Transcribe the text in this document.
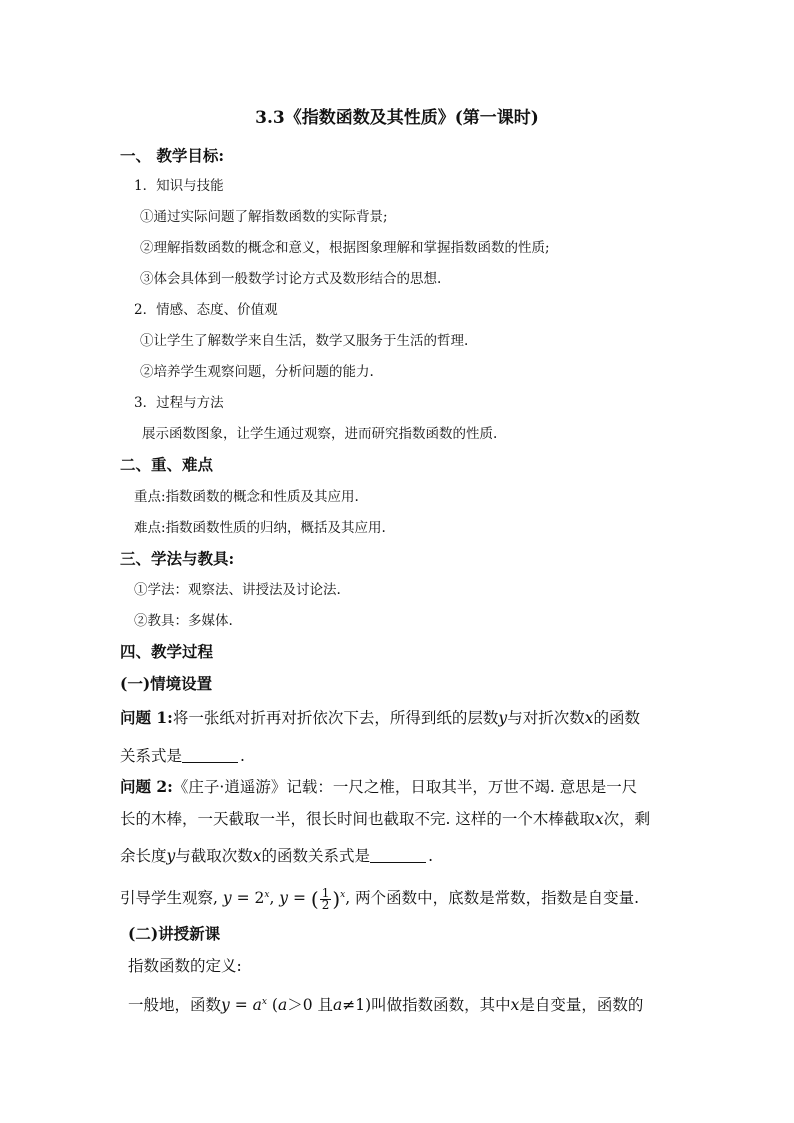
3.3《指数函数及其性质》(第一课时)
一、 教学目标:
1．知识与技能
①通过实际问题了解指数函数的实际背景;
②理解指数函数的概念和意义，根据图象理解和掌握指数函数的性质;
③体会具体到一般数学讨论方式及数形结合的思想.
2．情感、态度、价值观
①让学生了解数学来自生活，数学又服务于生活的哲理.
②培养学生观察问题，分析问题的能力.
3．过程与方法
展示函数图象，让学生通过观察，进而研究指数函数的性质.
二、重、难点
重点:指数函数的概念和性质及其应用.
难点:指数函数性质的归纳，概括及其应用.
三、学法与教具:
①学法：观察法、讲授法及讨论法.
②教具：多媒体.
四、教学过程
(一)情境设置
问题 1:将一张纸对折再对折依次下去，所得到纸的层数y与对折次数x的函数
关系式是	.
问题 2:《庄子·逍遥游》记载：一尺之椎，日取其半，万世不竭. 意思是一尺
长的木棒，一天截取一半，很长时间也截取不完. 这样的一个木棒截取x次，剩
余长度y与截取次数x的函数关系式是	.
引导学生观察, $y = 2^x$, y = ( $\frac{1}{2} )^x$, 两个函数中，底数是常数，指数是自变量.
(二)讲授新课
指数函数的定义:
一般地，函数$y = a^x$ (a＞0 且a≠1)叫做指数函数，其中x是自变量，函数的
